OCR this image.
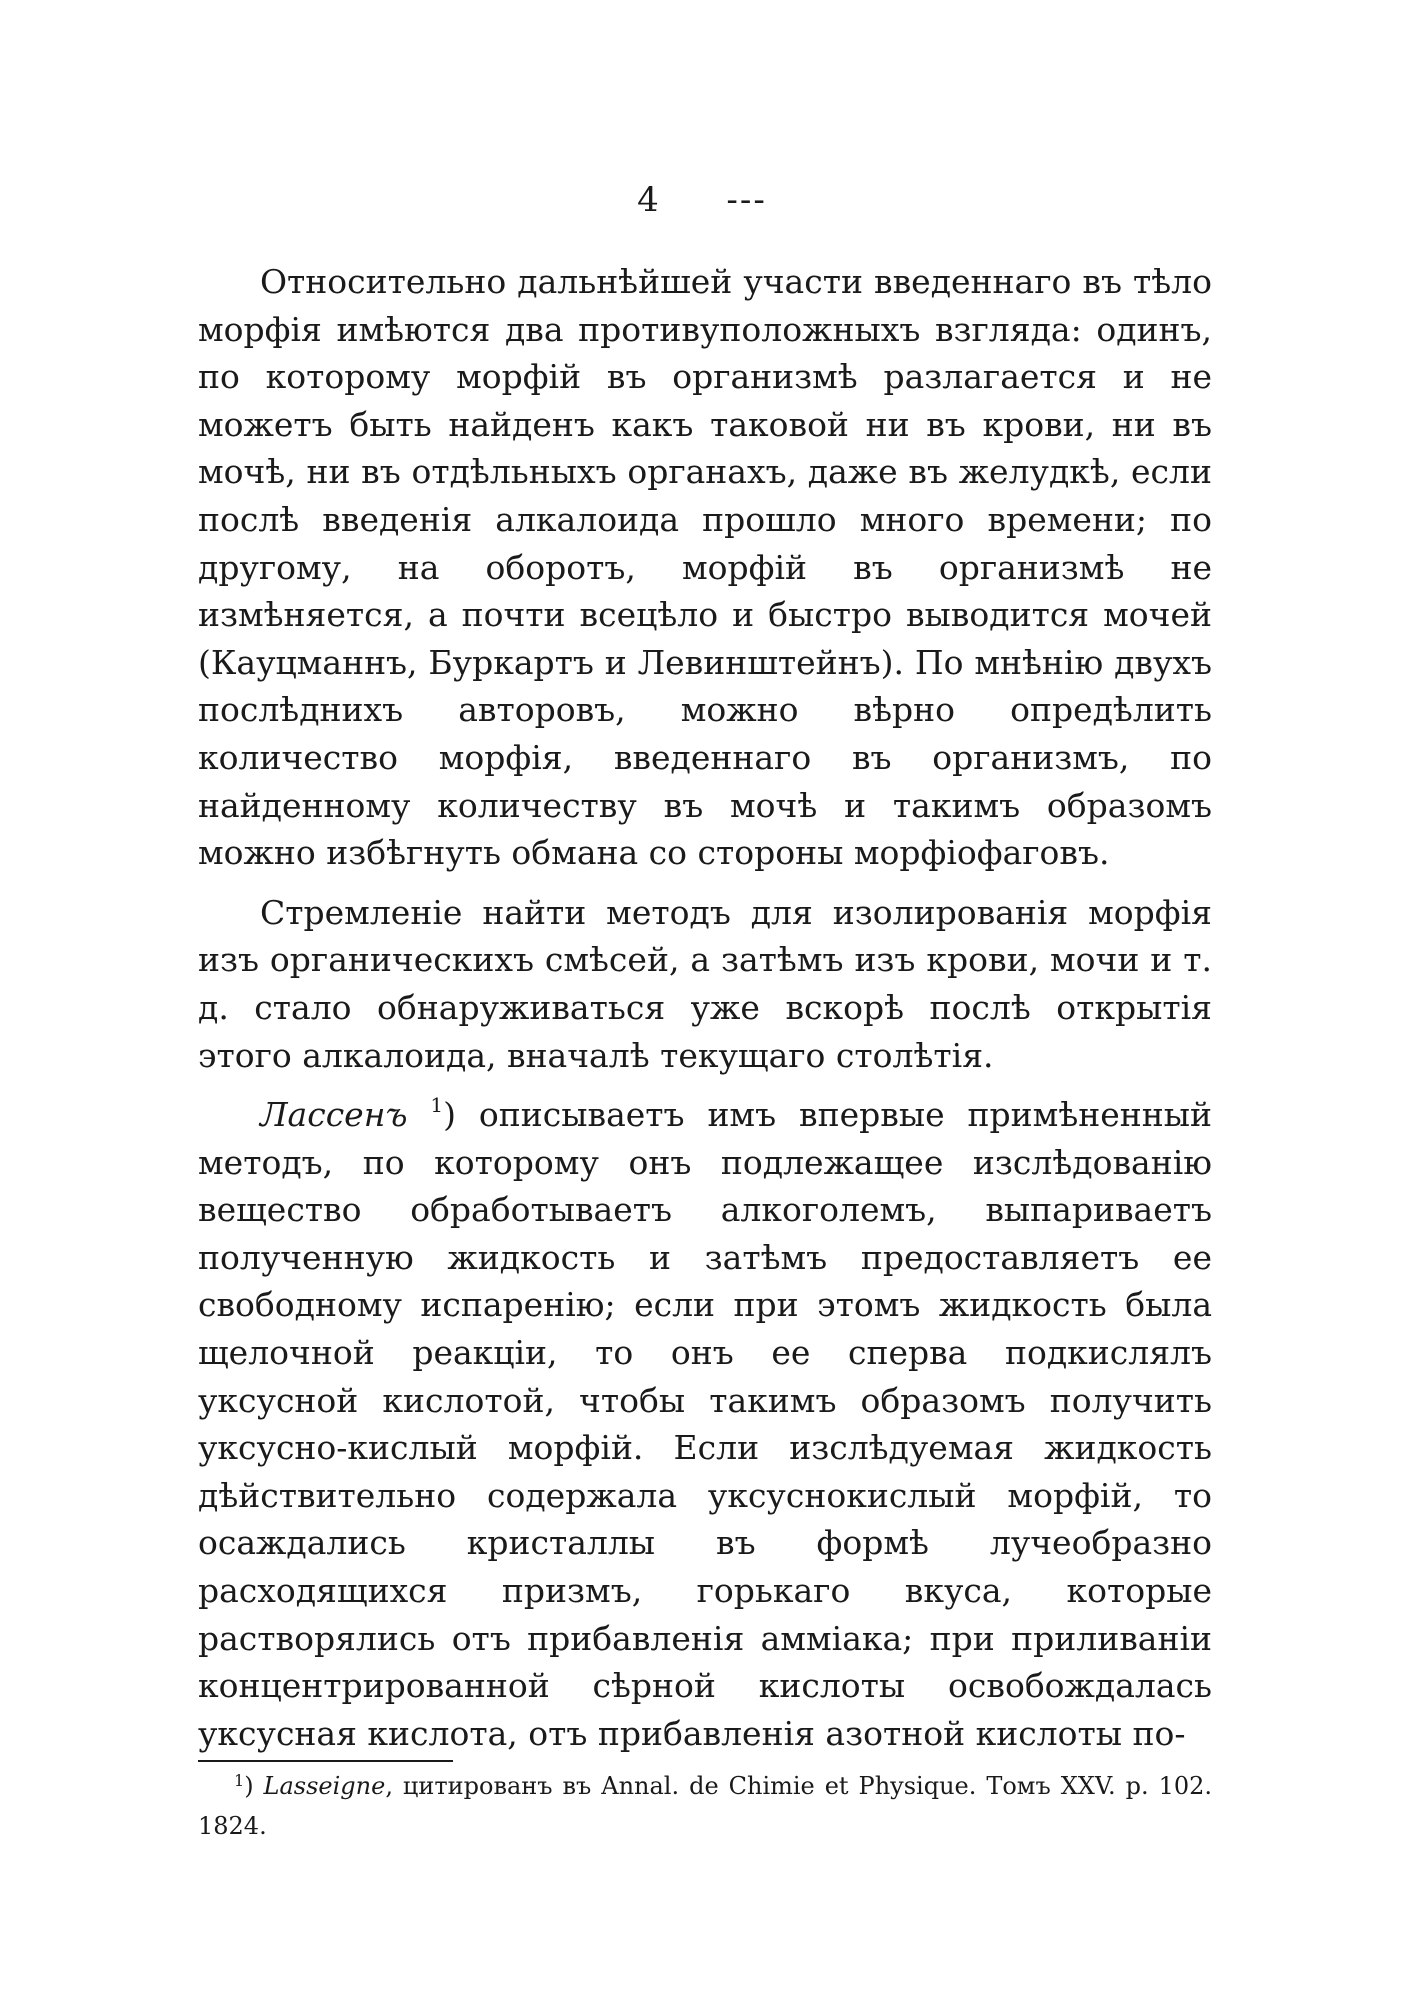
4 ---

Относительно дальнѣйшей участи введеннаго въ тѣло морфія имѣются два противуположныхъ взгляда: одинъ, по которому морфій въ организмѣ разлагается и не можетъ быть найденъ какъ таковой ни въ крови, ни въ мочѣ, ни въ отдѣльныхъ органахъ, даже въ желудкѣ, если послѣ введенія алкалоида прошло много времени; по другому, на оборотъ, морфій въ организмѣ не измѣняется, а почти всецѣло и быстро выводится мочей (Кауцманнъ, Буркартъ и Левинштейнъ). По мнѣнію двухъ послѣднихъ авторовъ, можно вѣрно опредѣлить количество морфія, введеннаго въ организмъ, по найденному количеству въ мочѣ и такимъ образомъ можно избѣгнуть обмана со стороны морфіофаговъ.

Стремленіе найти методъ для изолированія морфія изъ органическихъ смѣсей, а затѣмъ изъ крови, мочи и т. д. стало обнаруживаться уже вскорѣ послѣ открытія этого алкалоида, вначалѣ текущаго столѣтія.

Лассенъ $^1$) описываетъ имъ впервые примѣненный методъ, по которому онъ подлежащее изслѣдованію вещество обработываетъ алкоголемъ, выпариваетъ полученную жидкость и затѣмъ предоставляетъ ее свободному испаренію; если при этомъ жидкость была щелочной реакціи, то онъ ее сперва подкислялъ уксусной кислотой, чтобы такимъ образомъ получить уксусно-кислый морфій. Если изслѣдуемая жидкость дѣйствительно содержала уксуснокислый морфій, то осаждались кристаллы въ формѣ лучеобразно расходящихся призмъ, горькаго вкуса, которые растворялись отъ прибавленія амміака; при приливаніи концентрированной сѣрной кислоты освобождалась уксусная кислота, отъ прибавленія азотной кислоты по-

$^1$) Lasseigne, цитированъ въ Annal. de Chimie et Physique. Томъ XXV. p. 102. 1824.
